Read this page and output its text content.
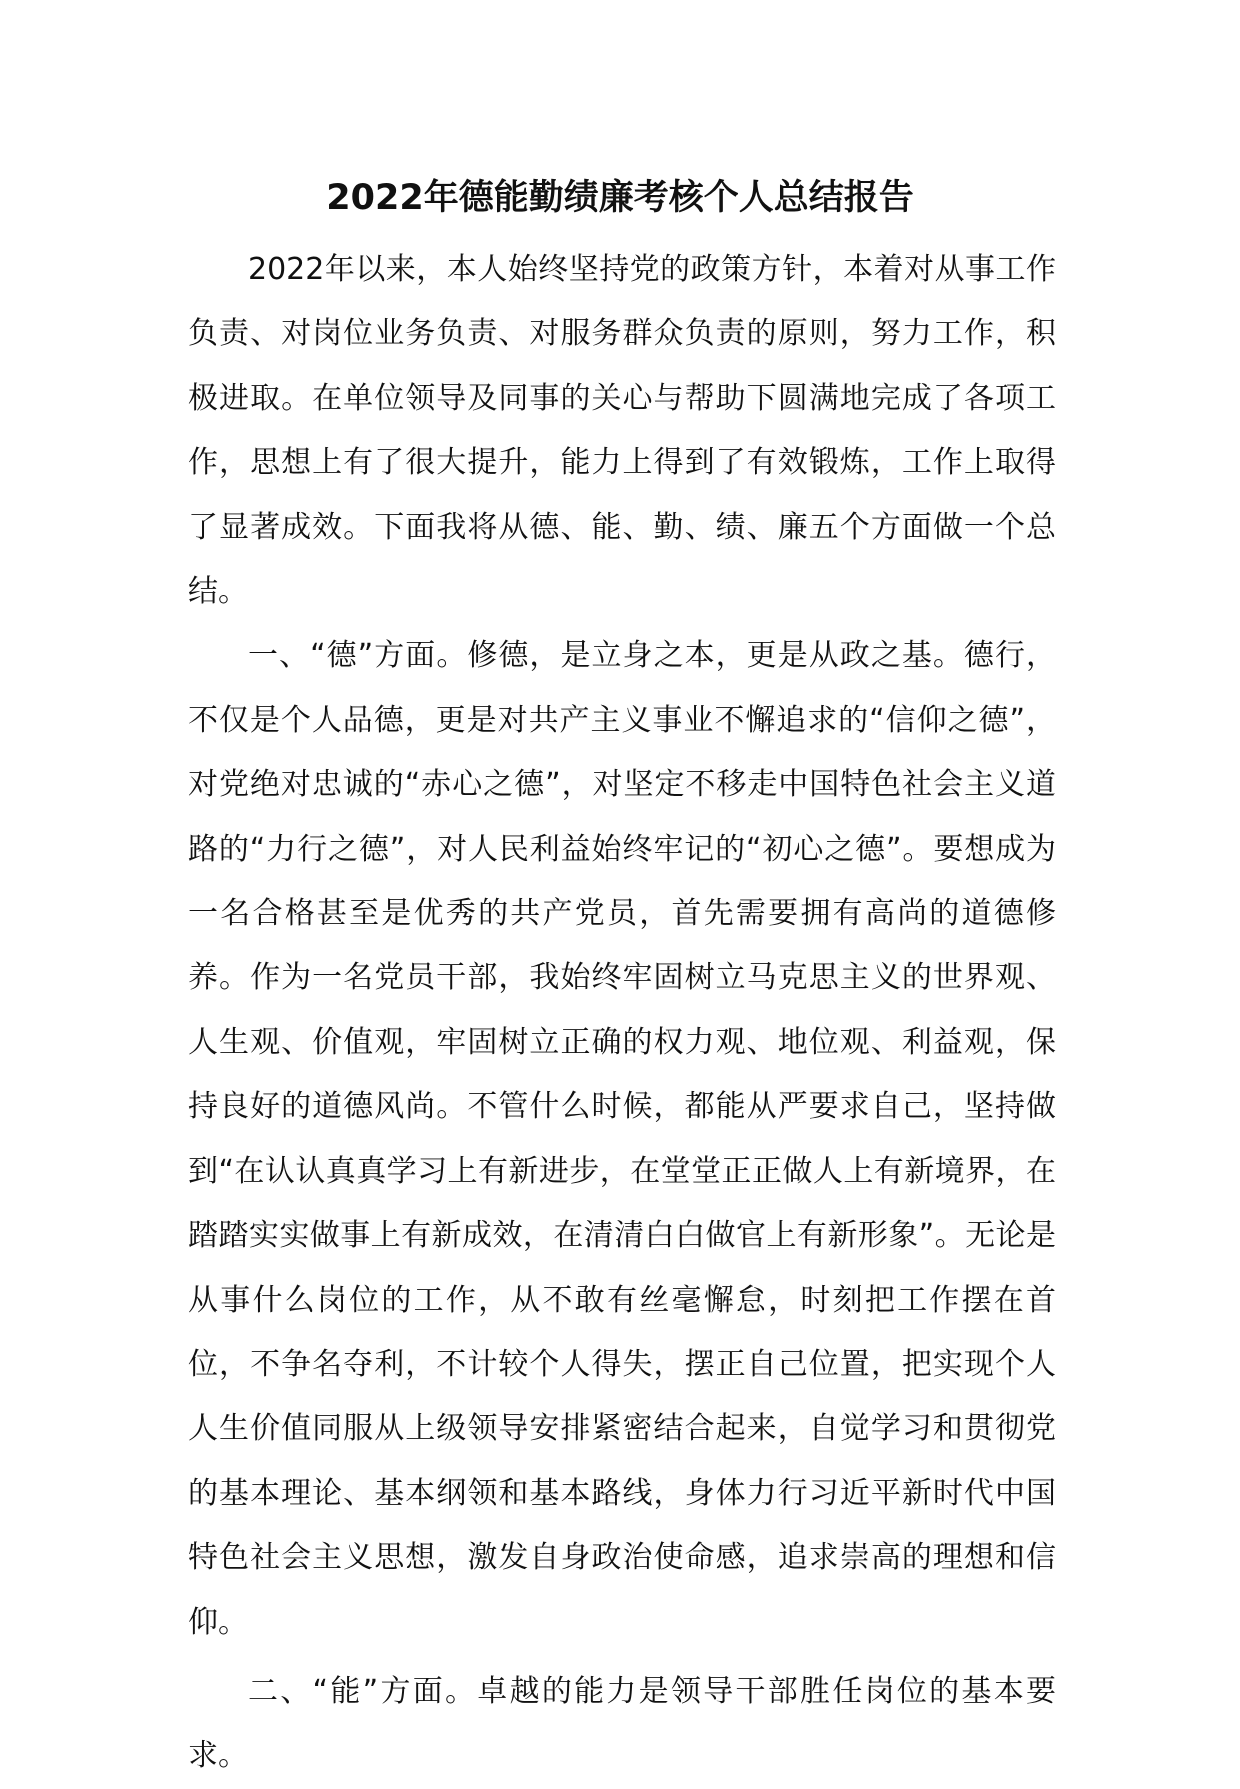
2022年德能勤绩廉考核个人总结报告

2022年以来，本人始终坚持党的政策方针，本着对从事工作负责、对岗位业务负责、对服务群众负责的原则，努力工作，积极进取。在单位领导及同事的关心与帮助下圆满地完成了各项工作，思想上有了很大提升，能力上得到了有效锻炼，工作上取得了显著成效。下面我将从德、能、勤、绩、廉五个方面做一个总结。

一、“德”方面。修德，是立身之本，更是从政之基。德行，不仅是个人品德，更是对共产主义事业不懈追求的“信仰之德”，对党绝对忠诚的“赤心之德”，对坚定不移走中国特色社会主义道路的“力行之德”，对人民利益始终牢记的“初心之德”。要想成为一名合格甚至是优秀的共产党员，首先需要拥有高尚的道德修养。作为一名党员干部，我始终牢固树立马克思主义的世界观、人生观、价值观，牢固树立正确的权力观、地位观、利益观，保持良好的道德风尚。不管什么时候，都能从严要求自己，坚持做到“在认认真真学习上有新进步，在堂堂正正做人上有新境界，在踏踏实实做事上有新成效，在清清白白做官上有新形象”。无论是从事什么岗位的工作，从不敢有丝毫懈怠，时刻把工作摆在首位，不争名夺利，不计较个人得失，摆正自己位置，把实现个人人生价值同服从上级领导安排紧密结合起来，自觉学习和贯彻党的基本理论、基本纲领和基本路线，身体力行习近平新时代中国特色社会主义思想，激发自身政治使命感，追求崇高的理想和信仰。

二、“能”方面。卓越的能力是领导干部胜任岗位的基本要求。
